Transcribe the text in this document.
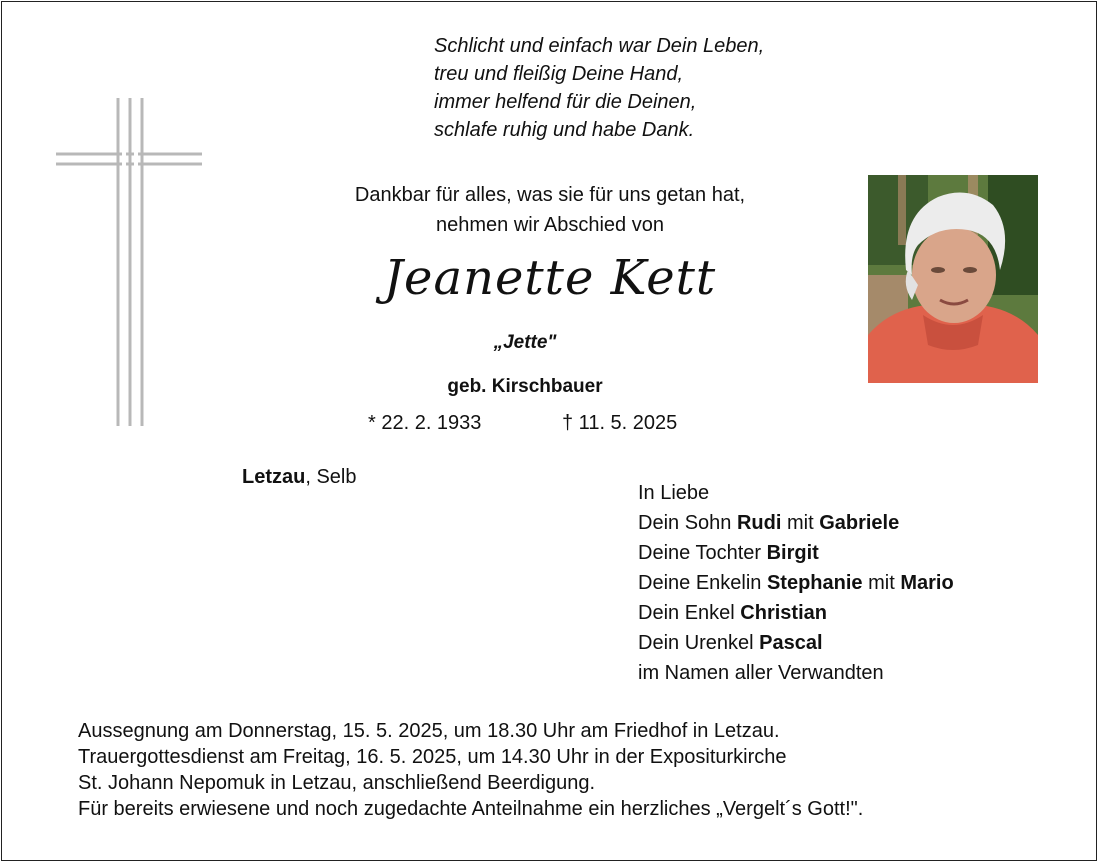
Schlicht und einfach war Dein Leben,
treu und fleißig Deine Hand,
immer helfend für die Deinen,
schlafe ruhig und habe Dank.
Dankbar für alles, was sie für uns getan hat,
nehmen wir Abschied von
Jeanette Kett
„Jette"
geb. Kirschbauer
* 22. 2. 1933	† 11. 5. 2025
Letzau, Selb
In Liebe
Dein Sohn Rudi mit Gabriele
Deine Tochter Birgit
Deine Enkelin Stephanie mit Mario
Dein Enkel Christian
Dein Urenkel Pascal
im Namen aller Verwandten
Aussegnung am Donnerstag, 15. 5. 2025, um 18.30 Uhr am Friedhof in Letzau.
Trauergottesdienst am Freitag, 16. 5. 2025, um 14.30 Uhr in der Expositurkirche
St. Johann Nepomuk in Letzau, anschließend Beerdigung.
Für bereits erwiesene und noch zugedachte Anteilnahme ein herzliches „Vergelt´s Gott!".
